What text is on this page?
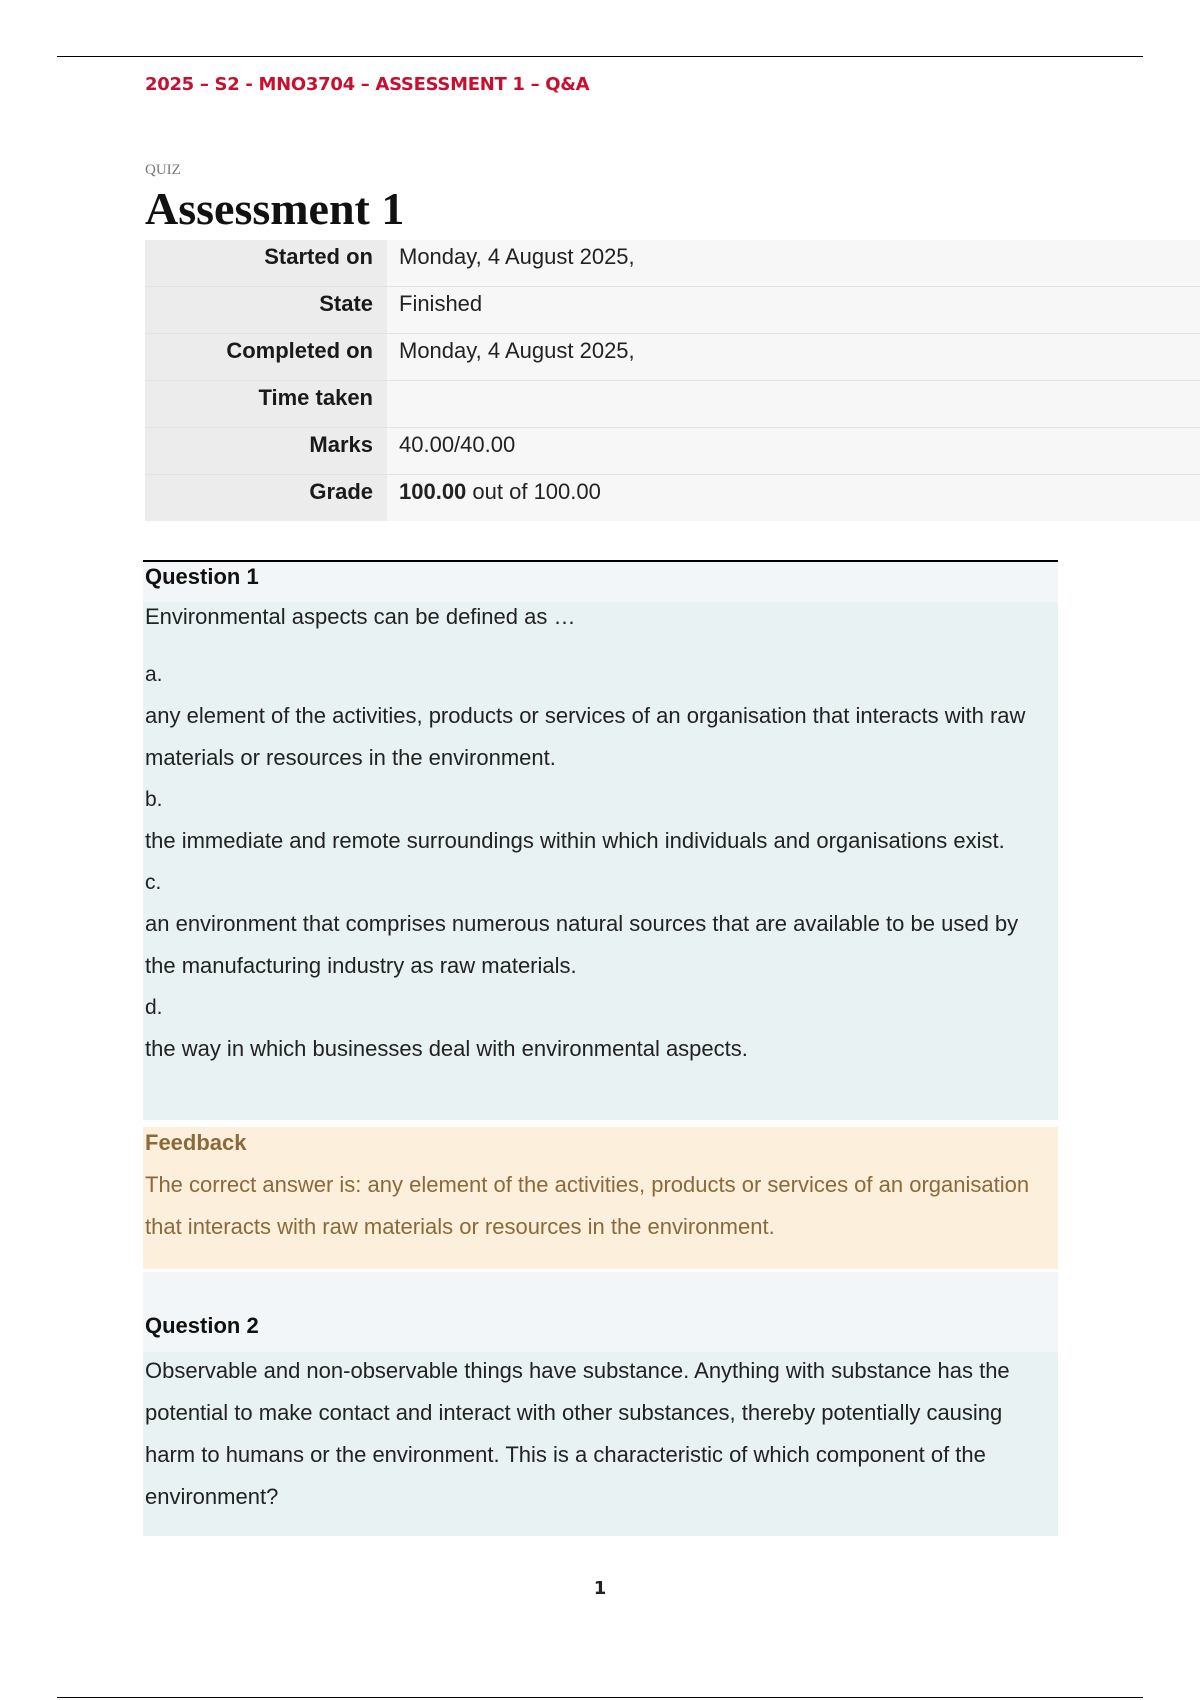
2025 – S2 - MNO3704 – ASSESSMENT 1 – Q&A
QUIZ
Assessment 1
Started on	Monday, 4 August 2025,
State	Finished
Completed on	Monday, 4 August 2025,
Time taken
Marks	40.00/40.00
Grade	100.00 out of 100.00
Question 1
Environmental aspects can be defined as …
a.
any element of the activities, products or services of an organisation that interacts with raw materials or resources in the environment.
b.
the immediate and remote surroundings within which individuals and organisations exist.
c.
an environment that comprises numerous natural sources that are available to be used by the manufacturing industry as raw materials.
d.
the way in which businesses deal with environmental aspects.
Feedback
The correct answer is: any element of the activities, products or services of an organisation that interacts with raw materials or resources in the environment.
Question 2
Observable and non-observable things have substance. Anything with substance has the potential to make contact and interact with other substances, thereby potentially causing harm to humans or the environment. This is a characteristic of which component of the environment?
1
